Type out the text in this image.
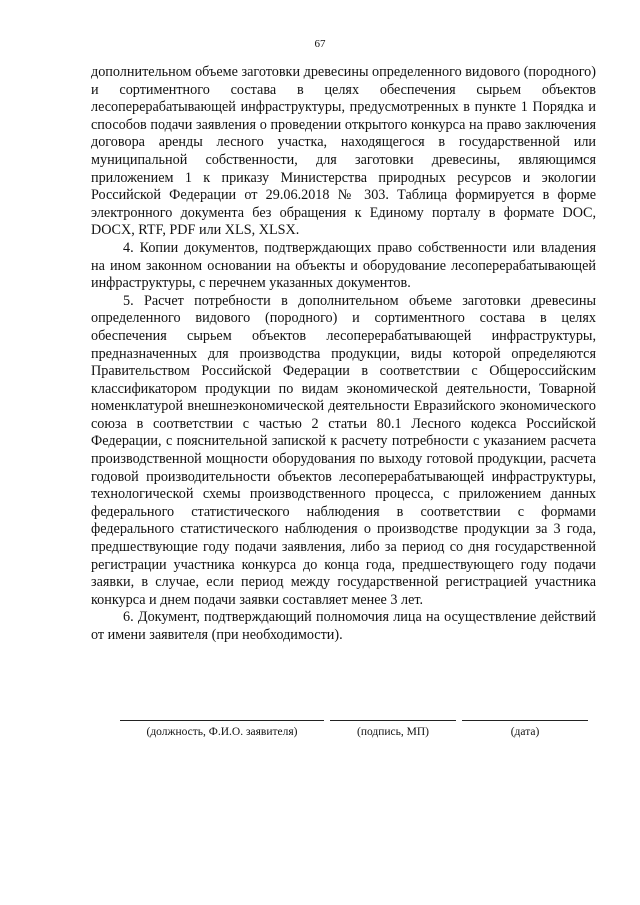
67

дополнительном объеме заготовки древесины определенного видового (породного) и сортиментного состава в целях обеспечения сырьем объектов лесоперерабатывающей инфраструктуры, предусмотренных в пункте 1 Порядка и способов подачи заявления о проведении открытого конкурса на право заключения договора аренды лесного участка, находящегося в государственной или муниципальной собственности, для заготовки древесины, являющимся приложением 1 к приказу Министерства природных ресурсов и экологии Российской Федерации от 29.06.2018 № 303. Таблица формируется в форме электронного документа без обращения к Единому порталу в формате DOC, DOCX, RTF, PDF или XLS, XLSX.

4. Копии документов, подтверждающих право собственности или владения на ином законном основании на объекты и оборудование лесоперерабатывающей инфраструктуры, с перечнем указанных документов.

5. Расчет потребности в дополнительном объеме заготовки древесины определенного видового (породного) и сортиментного состава в целях обеспечения сырьем объектов лесоперерабатывающей инфраструктуры, предназначенных для производства продукции, виды которой определяются Правительством Российской Федерации в соответствии с Общероссийским классификатором продукции по видам экономической деятельности, Товарной номенклатурой внешнеэкономической деятельности Евразийского экономического союза в соответствии с частью 2 статьи 80.1 Лесного кодекса Российской Федерации, с пояснительной запиской к расчету потребности с указанием расчета производственной мощности оборудования по выходу готовой продукции, расчета годовой производительности объектов лесоперерабатывающей инфраструктуры, технологической схемы производственного процесса, с приложением данных федерального статистического наблюдения в соответствии с формами федерального статистического наблюдения о производстве продукции за 3 года, предшествующие году подачи заявления, либо за период со дня государственной регистрации участника конкурса до конца года, предшествующего году подачи заявки, в случае, если период между государственной регистрацией участника конкурса и днем подачи заявки составляет менее 3 лет.

6. Документ, подтверждающий полномочия лица на осуществление действий от имени заявителя (при необходимости).

(должность, Ф.И.О. заявителя)	(подпись, МП)	(дата)
